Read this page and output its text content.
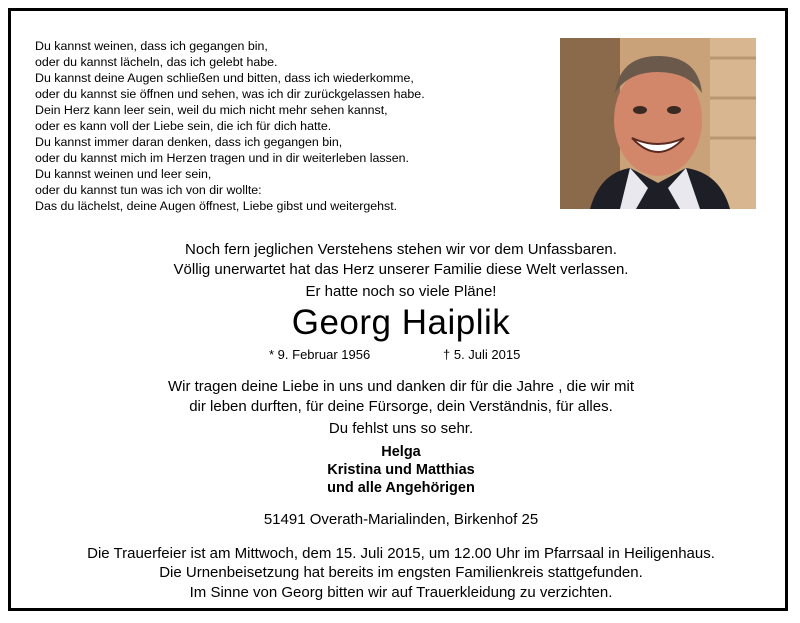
Du kannst weinen, dass ich gegangen bin,
oder du kannst lächeln, das ich gelebt habe.
Du kannst deine Augen schließen und bitten, dass ich wiederkomme,
oder du kannst sie öffnen und sehen, was ich dir zurückgelassen habe.
Dein Herz kann leer sein, weil du mich nicht mehr sehen kannst,
oder es kann voll der Liebe sein, die ich für dich hatte.
Du kannst immer daran denken, dass ich gegangen bin,
oder du kannst mich im Herzen tragen und in dir weiterleben lassen.
Du kannst weinen und leer sein,
oder du kannst tun was ich von dir wollte:
Das du lächelst, deine Augen öffnest, Liebe gibst und weitergehst.
Noch fern jeglichen Verstehens stehen wir vor dem Unfassbaren.
Völlig unerwartet hat das Herz unserer Familie diese Welt verlassen.
Er hatte noch so viele Pläne!
Georg Haiplik
* 9. Februar 1956	† 5. Juli 2015
Wir tragen deine Liebe in uns und danken dir für die Jahre , die wir mit
dir leben durften, für deine Fürsorge, dein Verständnis, für alles.
Du fehlst uns so sehr.
Helga
Kristina und Matthias
und alle Angehörigen
51491 Overath-Marialinden, Birkenhof 25
Die Trauerfeier ist am Mittwoch, dem 15. Juli 2015, um 12.00 Uhr im Pfarrsaal in Heiligenhaus.
Die Urnenbeisetzung hat bereits im engsten Familienkreis stattgefunden.
Im Sinne von Georg bitten wir auf Trauerkleidung zu verzichten.
